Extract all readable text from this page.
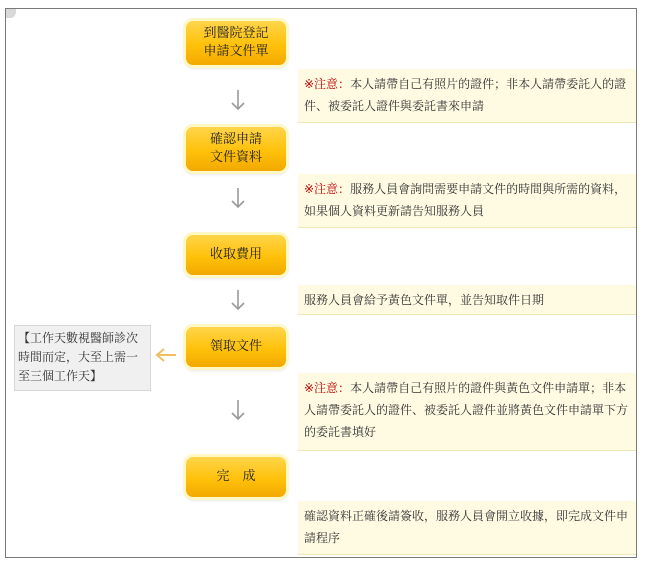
到醫院登記
申請文件單
※注意：本人請帶自己有照片的證件；非本人請帶委託人的證件、被委託人證件與委託書來申請
確認申請
文件資料
※注意：服務人員會詢問需要申請文件的時間與所需的資料，如果個人資料更新請告知服務人員
收取費用
服務人員會給予黃色文件單，並告知取件日期
領取文件
※注意：本人請帶自己有照片的證件與黃色文件申請單；非本人請帶委託人的證件、被委託人證件並將黃色文件申請單下方的委託書填好
完　成
確認資料正確後請簽收，服務人員會開立收據，即完成文件申請程序
【工作天數視醫師診次時間而定，大至上需一至三個工作天】
